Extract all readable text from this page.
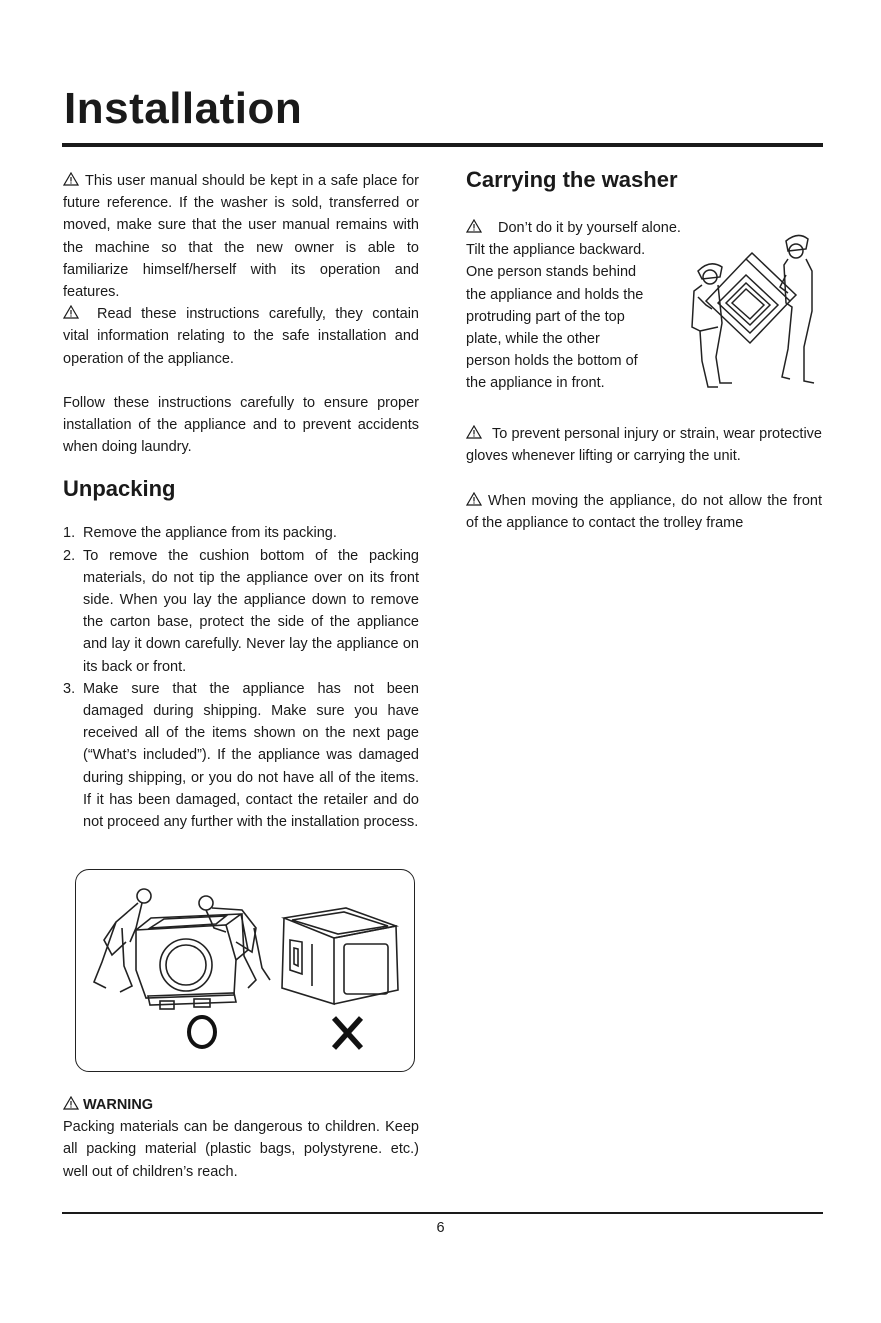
Installation

This user manual should be kept in a safe place for future reference. If the washer is sold, transferred or moved, make sure that the user manual remains with the machine so that the new owner is able to familiarize himself/herself with its operation and features.

Read these instructions carefully, they contain vital information relating to the safe installation and operation of the appliance.

Follow these instructions carefully to ensure proper installation of the appliance and to prevent accidents when doing laundry.

Unpacking
1. Remove the appliance from its packing.
2. To remove the cushion bottom of the packing materials, do not tip the appliance over on its front side. When you lay the appliance down to remove the carton base, protect the side of the appliance and lay it down carefully. Never lay the appliance on its back or front.
3. Make sure that the appliance has not been damaged during shipping. Make sure you have received all of the items shown on the next page (“What’s included”). If the appliance was damaged during shipping, or you do not have all of the items. If it has been damaged, contact the retailer and do not proceed any further with the installation process.

WARNING

Packing materials can be dangerous to children. Keep all packing material (plastic bags, polystyrene. etc.) well out of children’s reach.

Carrying the washer

Don’t do it by yourself alone.

Tilt the appliance backward.
One person stands behind
the appliance and holds the
protruding part of the top
plate, while the other
person holds the bottom of
the appliance in front.

To prevent personal injury or strain, wear protective gloves whenever lifting or carrying the unit.

When moving the appliance, do not allow the front of the appliance to contact the trolley frame

6
